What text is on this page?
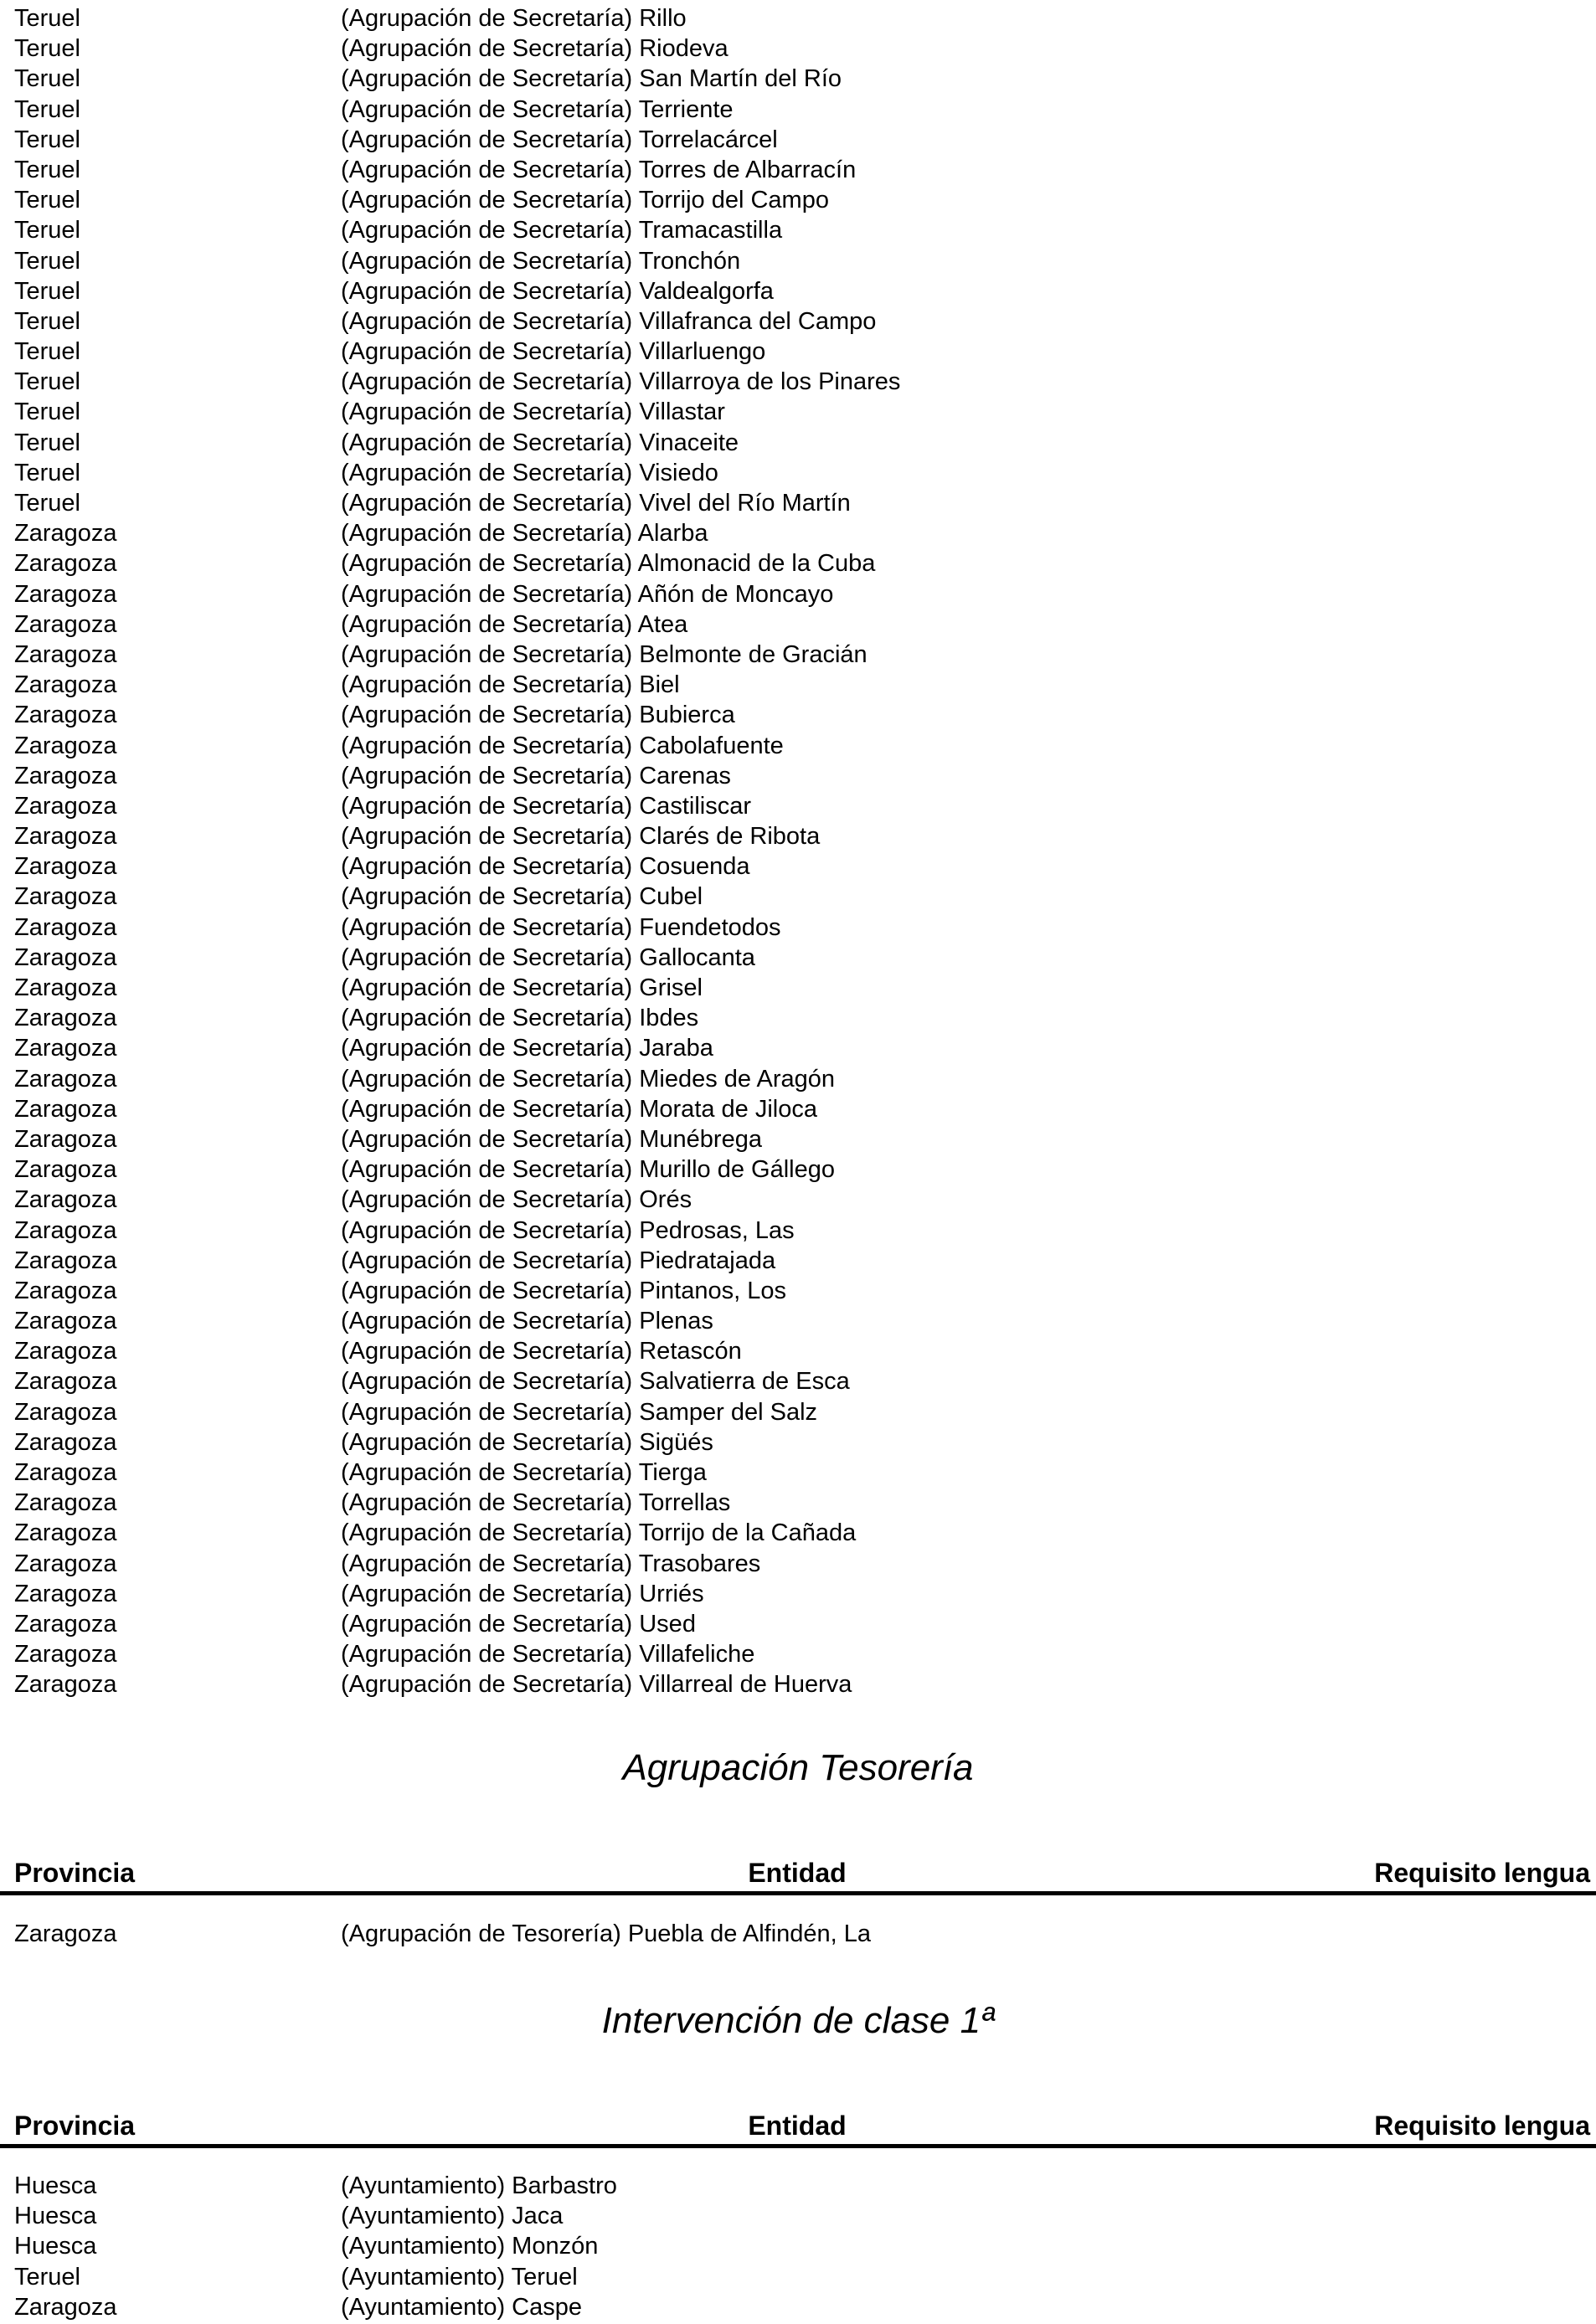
Teruel	(Agrupación de Secretaría) Rillo
Teruel	(Agrupación de Secretaría) Riodeva
Teruel	(Agrupación de Secretaría) San Martín del Río
Teruel	(Agrupación de Secretaría) Terriente
Teruel	(Agrupación de Secretaría) Torrelacárcel
Teruel	(Agrupación de Secretaría) Torres de Albarracín
Teruel	(Agrupación de Secretaría) Torrijo del Campo
Teruel	(Agrupación de Secretaría) Tramacastilla
Teruel	(Agrupación de Secretaría) Tronchón
Teruel	(Agrupación de Secretaría) Valdealgorfa
Teruel	(Agrupación de Secretaría) Villafranca del Campo
Teruel	(Agrupación de Secretaría) Villarluengo
Teruel	(Agrupación de Secretaría) Villarroya de los Pinares
Teruel	(Agrupación de Secretaría) Villastar
Teruel	(Agrupación de Secretaría) Vinaceite
Teruel	(Agrupación de Secretaría) Visiedo
Teruel	(Agrupación de Secretaría) Vivel del Río Martín
Zaragoza	(Agrupación de Secretaría) Alarba
Zaragoza	(Agrupación de Secretaría) Almonacid de la Cuba
Zaragoza	(Agrupación de Secretaría) Añón de Moncayo
Zaragoza	(Agrupación de Secretaría) Atea
Zaragoza	(Agrupación de Secretaría) Belmonte de Gracián
Zaragoza	(Agrupación de Secretaría) Biel
Zaragoza	(Agrupación de Secretaría) Bubierca
Zaragoza	(Agrupación de Secretaría) Cabolafuente
Zaragoza	(Agrupación de Secretaría) Carenas
Zaragoza	(Agrupación de Secretaría) Castiliscar
Zaragoza	(Agrupación de Secretaría) Clarés de Ribota
Zaragoza	(Agrupación de Secretaría) Cosuenda
Zaragoza	(Agrupación de Secretaría) Cubel
Zaragoza	(Agrupación de Secretaría) Fuendetodos
Zaragoza	(Agrupación de Secretaría) Gallocanta
Zaragoza	(Agrupación de Secretaría) Grisel
Zaragoza	(Agrupación de Secretaría) Ibdes
Zaragoza	(Agrupación de Secretaría) Jaraba
Zaragoza	(Agrupación de Secretaría) Miedes de Aragón
Zaragoza	(Agrupación de Secretaría) Morata de Jiloca
Zaragoza	(Agrupación de Secretaría) Munébrega
Zaragoza	(Agrupación de Secretaría) Murillo de Gállego
Zaragoza	(Agrupación de Secretaría) Orés
Zaragoza	(Agrupación de Secretaría) Pedrosas, Las
Zaragoza	(Agrupación de Secretaría) Piedratajada
Zaragoza	(Agrupación de Secretaría) Pintanos, Los
Zaragoza	(Agrupación de Secretaría) Plenas
Zaragoza	(Agrupación de Secretaría) Retascón
Zaragoza	(Agrupación de Secretaría) Salvatierra de Esca
Zaragoza	(Agrupación de Secretaría) Samper del Salz
Zaragoza	(Agrupación de Secretaría) Sigüés
Zaragoza	(Agrupación de Secretaría) Tierga
Zaragoza	(Agrupación de Secretaría) Torrellas
Zaragoza	(Agrupación de Secretaría) Torrijo de la Cañada
Zaragoza	(Agrupación de Secretaría) Trasobares
Zaragoza	(Agrupación de Secretaría) Urriés
Zaragoza	(Agrupación de Secretaría) Used
Zaragoza	(Agrupación de Secretaría) Villafeliche
Zaragoza	(Agrupación de Secretaría) Villarreal de Huerva
Agrupación Tesorería
Provincia	Entidad	Requisito lengua
Zaragoza	(Agrupación de Tesorería) Puebla de Alfindén, La
Intervención de clase 1ª
Provincia	Entidad	Requisito lengua
Huesca	(Ayuntamiento) Barbastro
Huesca	(Ayuntamiento) Jaca
Huesca	(Ayuntamiento) Monzón
Teruel	(Ayuntamiento) Teruel
Zaragoza	(Ayuntamiento) Caspe
